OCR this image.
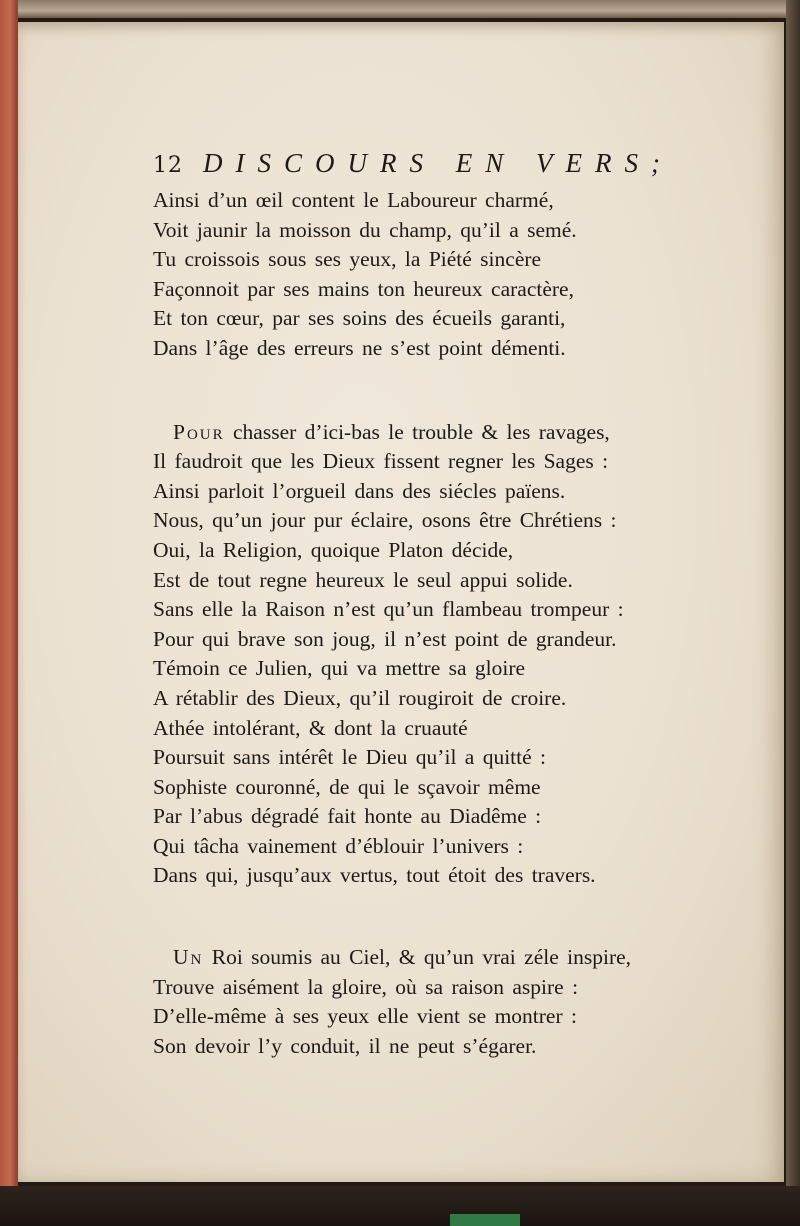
12 DISCOURS EN VERS;
Ainsi d’un œil content le Laboureur charmé,
Voit jaunir la moisson du champ, qu’il a semé.
Tu croissois sous ses yeux, la Piété sincère
Façonnoit par ses mains ton heureux caractère,
Et ton cœur, par ses soins des écueils garanti,
Dans l’âge des erreurs ne s’est point démenti.
Pour chasser d’ici-bas le trouble & les ravages,
Il faudroit que les Dieux fissent regner les Sages :
Ainsi parloit l’orgueil dans des siécles païens.
Nous, qu’un jour pur éclaire, osons être Chrétiens :
Oui, la Religion, quoique Platon décide,
Est de tout regne heureux le seul appui solide.
Sans elle la Raison n’est qu’un flambeau trompeur :
Pour qui brave son joug, il n’est point de grandeur.
Témoin ce Julien, qui va mettre sa gloire
A rétablir des Dieux, qu’il rougiroit de croire.
Athée intolérant, & dont la cruauté
Poursuit sans intérêt le Dieu qu’il a quitté :
Sophiste couronné, de qui le sçavoir même
Par l’abus dégradé fait honte au Diadême :
Qui tâcha vainement d’éblouir l’univers :
Dans qui, jusqu’aux vertus, tout étoit des travers.
Un Roi soumis au Ciel, & qu’un vrai zéle inspire,
Trouve aisément la gloire, où sa raison aspire :
D’elle-même à ses yeux elle vient se montrer :
Son devoir l’y conduit, il ne peut s’égarer.
